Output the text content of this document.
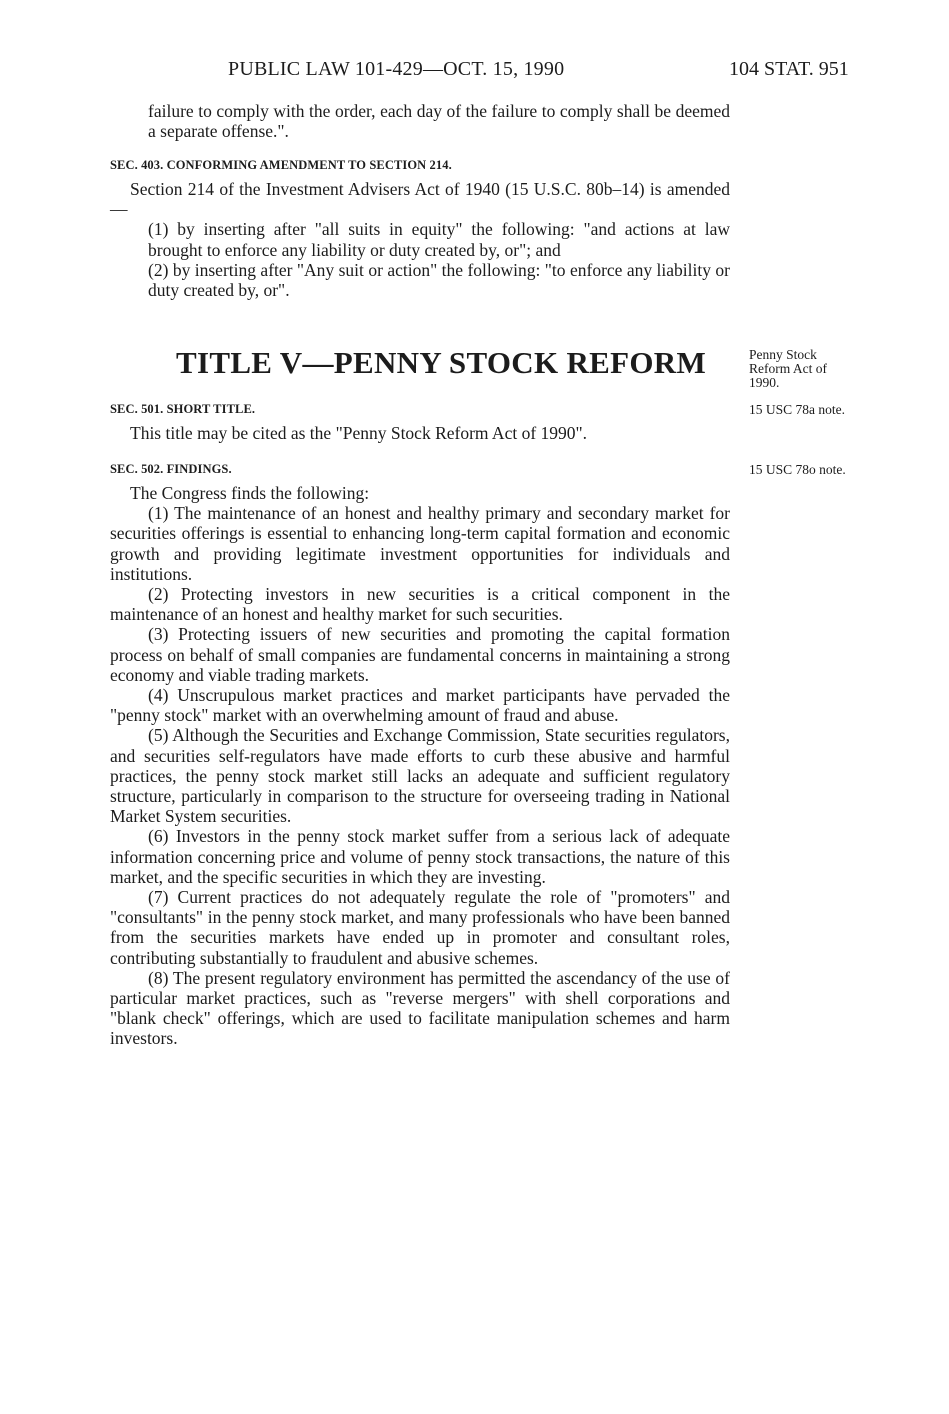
PUBLIC LAW 101-429—OCT. 15, 1990	104 STAT. 951

failure to comply with the order, each day of the failure to comply shall be deemed a separate offense.".

SEC. 403. CONFORMING AMENDMENT TO SECTION 214.

Section 214 of the Investment Advisers Act of 1940 (15 U.S.C. 80b–14) is amended—

(1) by inserting after "all suits in equity" the following: "and actions at law brought to enforce any liability or duty created by, or"; and

(2) by inserting after "Any suit or action" the following: "to enforce any liability or duty created by, or".

TITLE V—PENNY STOCK REFORM	Penny Stock
Reform Act of
1990.

SEC. 501. SHORT TITLE.

This title may be cited as the "Penny Stock Reform Act of 1990".

15 USC 78a note.

SEC. 502. FINDINGS.

The Congress finds the following:

(1) The maintenance of an honest and healthy primary and secondary market for securities offerings is essential to enhancing long-term capital formation and economic growth and providing legitimate investment opportunities for individuals and institutions.

(2) Protecting investors in new securities is a critical component in the maintenance of an honest and healthy market for such securities.

(3) Protecting issuers of new securities and promoting the capital formation process on behalf of small companies are fundamental concerns in maintaining a strong economy and viable trading markets.

(4) Unscrupulous market practices and market participants have pervaded the "penny stock" market with an overwhelming amount of fraud and abuse.

(5) Although the Securities and Exchange Commission, State securities regulators, and securities self-regulators have made efforts to curb these abusive and harmful practices, the penny stock market still lacks an adequate and sufficient regulatory structure, particularly in comparison to the structure for overseeing trading in National Market System securities.

(6) Investors in the penny stock market suffer from a serious lack of adequate information concerning price and volume of penny stock transactions, the nature of this market, and the specific securities in which they are investing.

(7) Current practices do not adequately regulate the role of "promoters" and "consultants" in the penny stock market, and many professionals who have been banned from the securities markets have ended up in promoter and consultant roles, contributing substantially to fraudulent and abusive schemes.

(8) The present regulatory environment has permitted the ascendancy of the use of particular market practices, such as "reverse mergers" with shell corporations and "blank check" offerings, which are used to facilitate manipulation schemes and harm investors.

15 USC 78o note.
